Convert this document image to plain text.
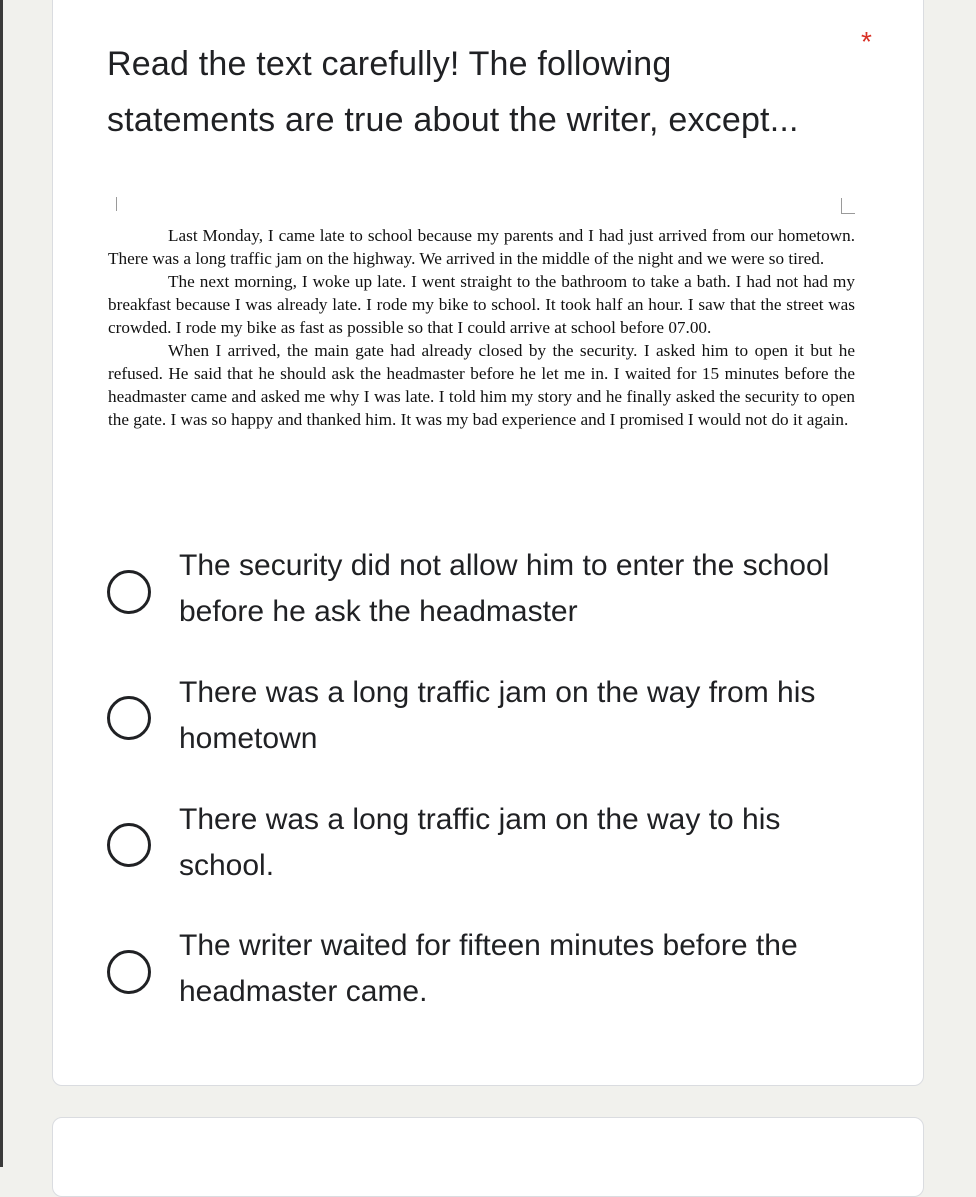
Read the text carefully! The following statements are true about the writer, except...
*

Last Monday, I came late to school because my parents and I had just arrived from our hometown. There was a long traffic jam on the highway. We arrived in the middle of the night and we were so tired.

The next morning, I woke up late. I went straight to the bathroom to take a bath. I had not had my breakfast because I was already late. I rode my bike to school. It took half an hour. I saw that the street was crowded. I rode my bike as fast as possible so that I could arrive at school before 07.00.

When I arrived, the main gate had already closed by the security. I asked him to open it but he refused. He said that he should ask the headmaster before he let me in. I waited for 15 minutes before the headmaster came and asked me why I was late. I told him my story and he finally asked the security to open the gate. I was so happy and thanked him. It was my bad experience and I promised I would not do it again.

The security did not allow him to enter the school before he ask the headmaster
There was a long traffic jam on the way from his hometown
There was a long traffic jam on the way to his school.
The writer waited for fifteen minutes before the headmaster came.
